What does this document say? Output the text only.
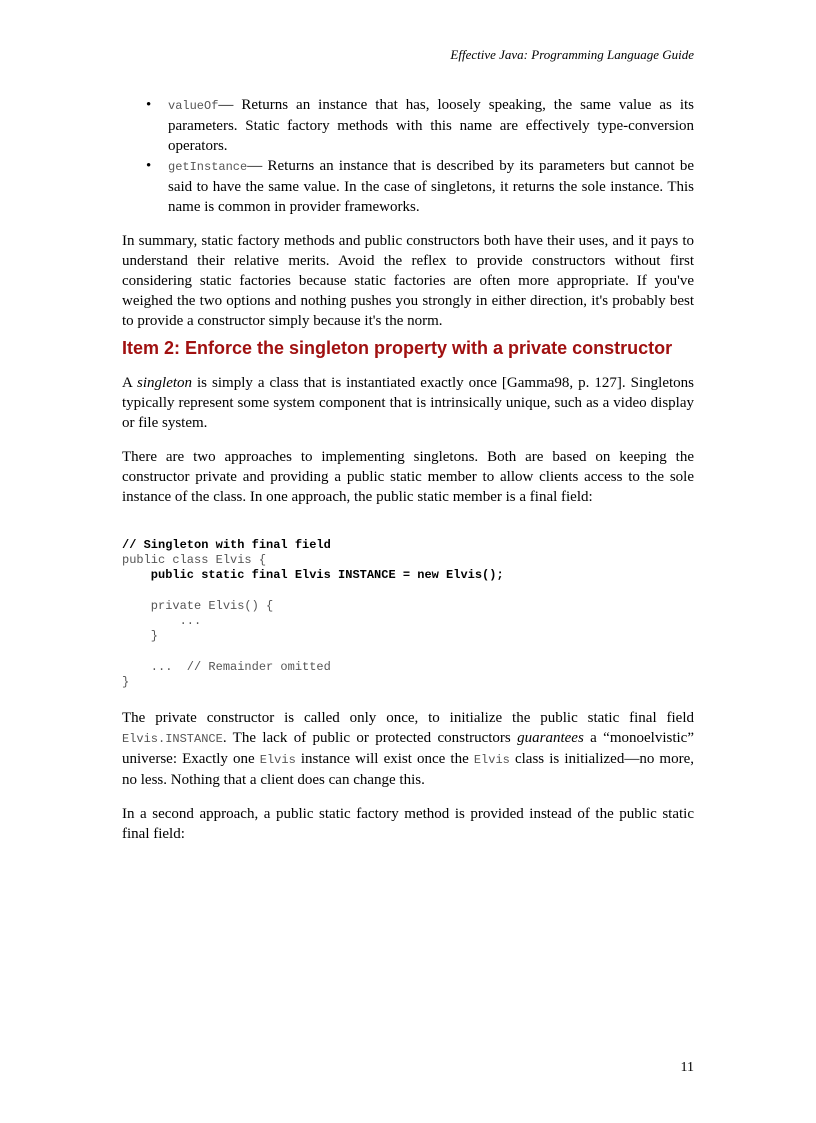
Effective Java: Programming Language Guide
• valueOf— Returns an instance that has, loosely speaking, the same value as its parameters. Static factory methods with this name are effectively type-conversion operators.
• getInstance— Returns an instance that is described by its parameters but cannot be said to have the same value. In the case of singletons, it returns the sole instance. This name is common in provider frameworks.

In summary, static factory methods and public constructors both have their uses, and it pays to understand their relative merits. Avoid the reflex to provide constructors without first considering static factories because static factories are often more appropriate. If you've weighed the two options and nothing pushes you strongly in either direction, it's probably best to provide a constructor simply because it's the norm.

Item 2: Enforce the singleton property with a private constructor

A singleton is simply a class that is instantiated exactly once [Gamma98, p. 127]. Singletons typically represent some system component that is intrinsically unique, such as a video display or file system.

There are two approaches to implementing singletons. Both are based on keeping the constructor private and providing a public static member to allow clients access to the sole instance of the class. In one approach, the public static member is a final field:

// Singleton with final field
public class Elvis {
public static final Elvis INSTANCE = new Elvis();

private Elvis() {
...
}

...  // Remainder omitted
}

The private constructor is called only once, to initialize the public static final field Elvis.INSTANCE. The lack of public or protected constructors guarantees a “monoelvistic” universe: Exactly one Elvis instance will exist once the Elvis class is initialized—no more, no less. Nothing that a client does can change this.

In a second approach, a public static factory method is provided instead of the public static final field:

11
